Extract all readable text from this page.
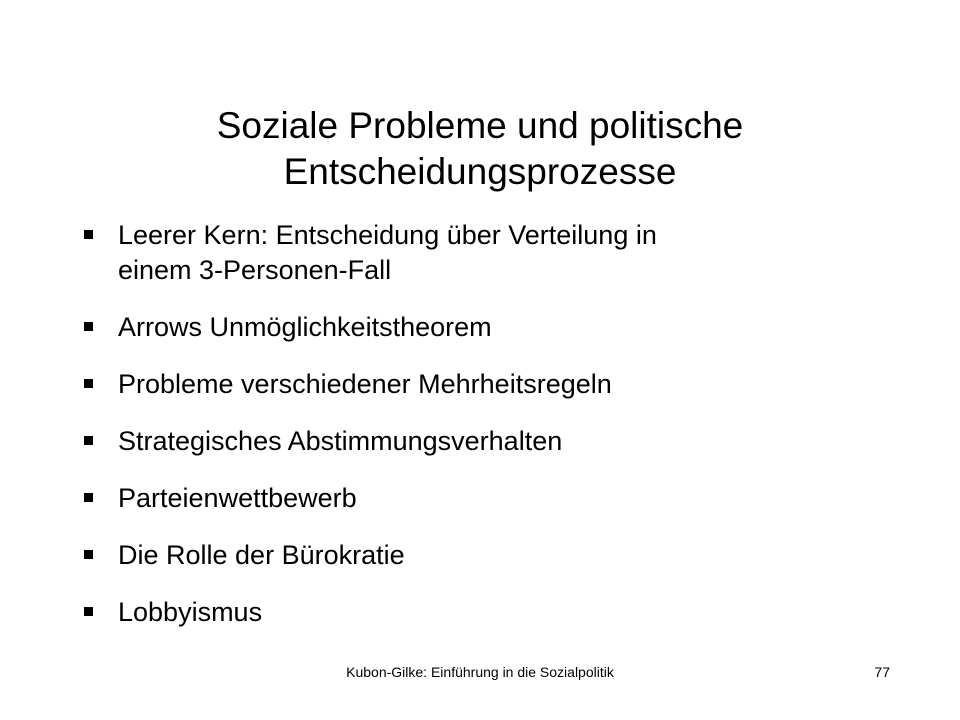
Soziale Probleme und politische
Entscheidungsprozesse
Leerer Kern: Entscheidung über Verteilung in
einem 3-Personen-Fall
Arrows Unmöglichkeitstheorem
Probleme verschiedener Mehrheitsregeln
Strategisches Abstimmungsverhalten
Parteienwettbewerb
Die Rolle der Bürokratie
Lobbyismus
Kubon-Gilke: Einführung in die Sozialpolitik	77
